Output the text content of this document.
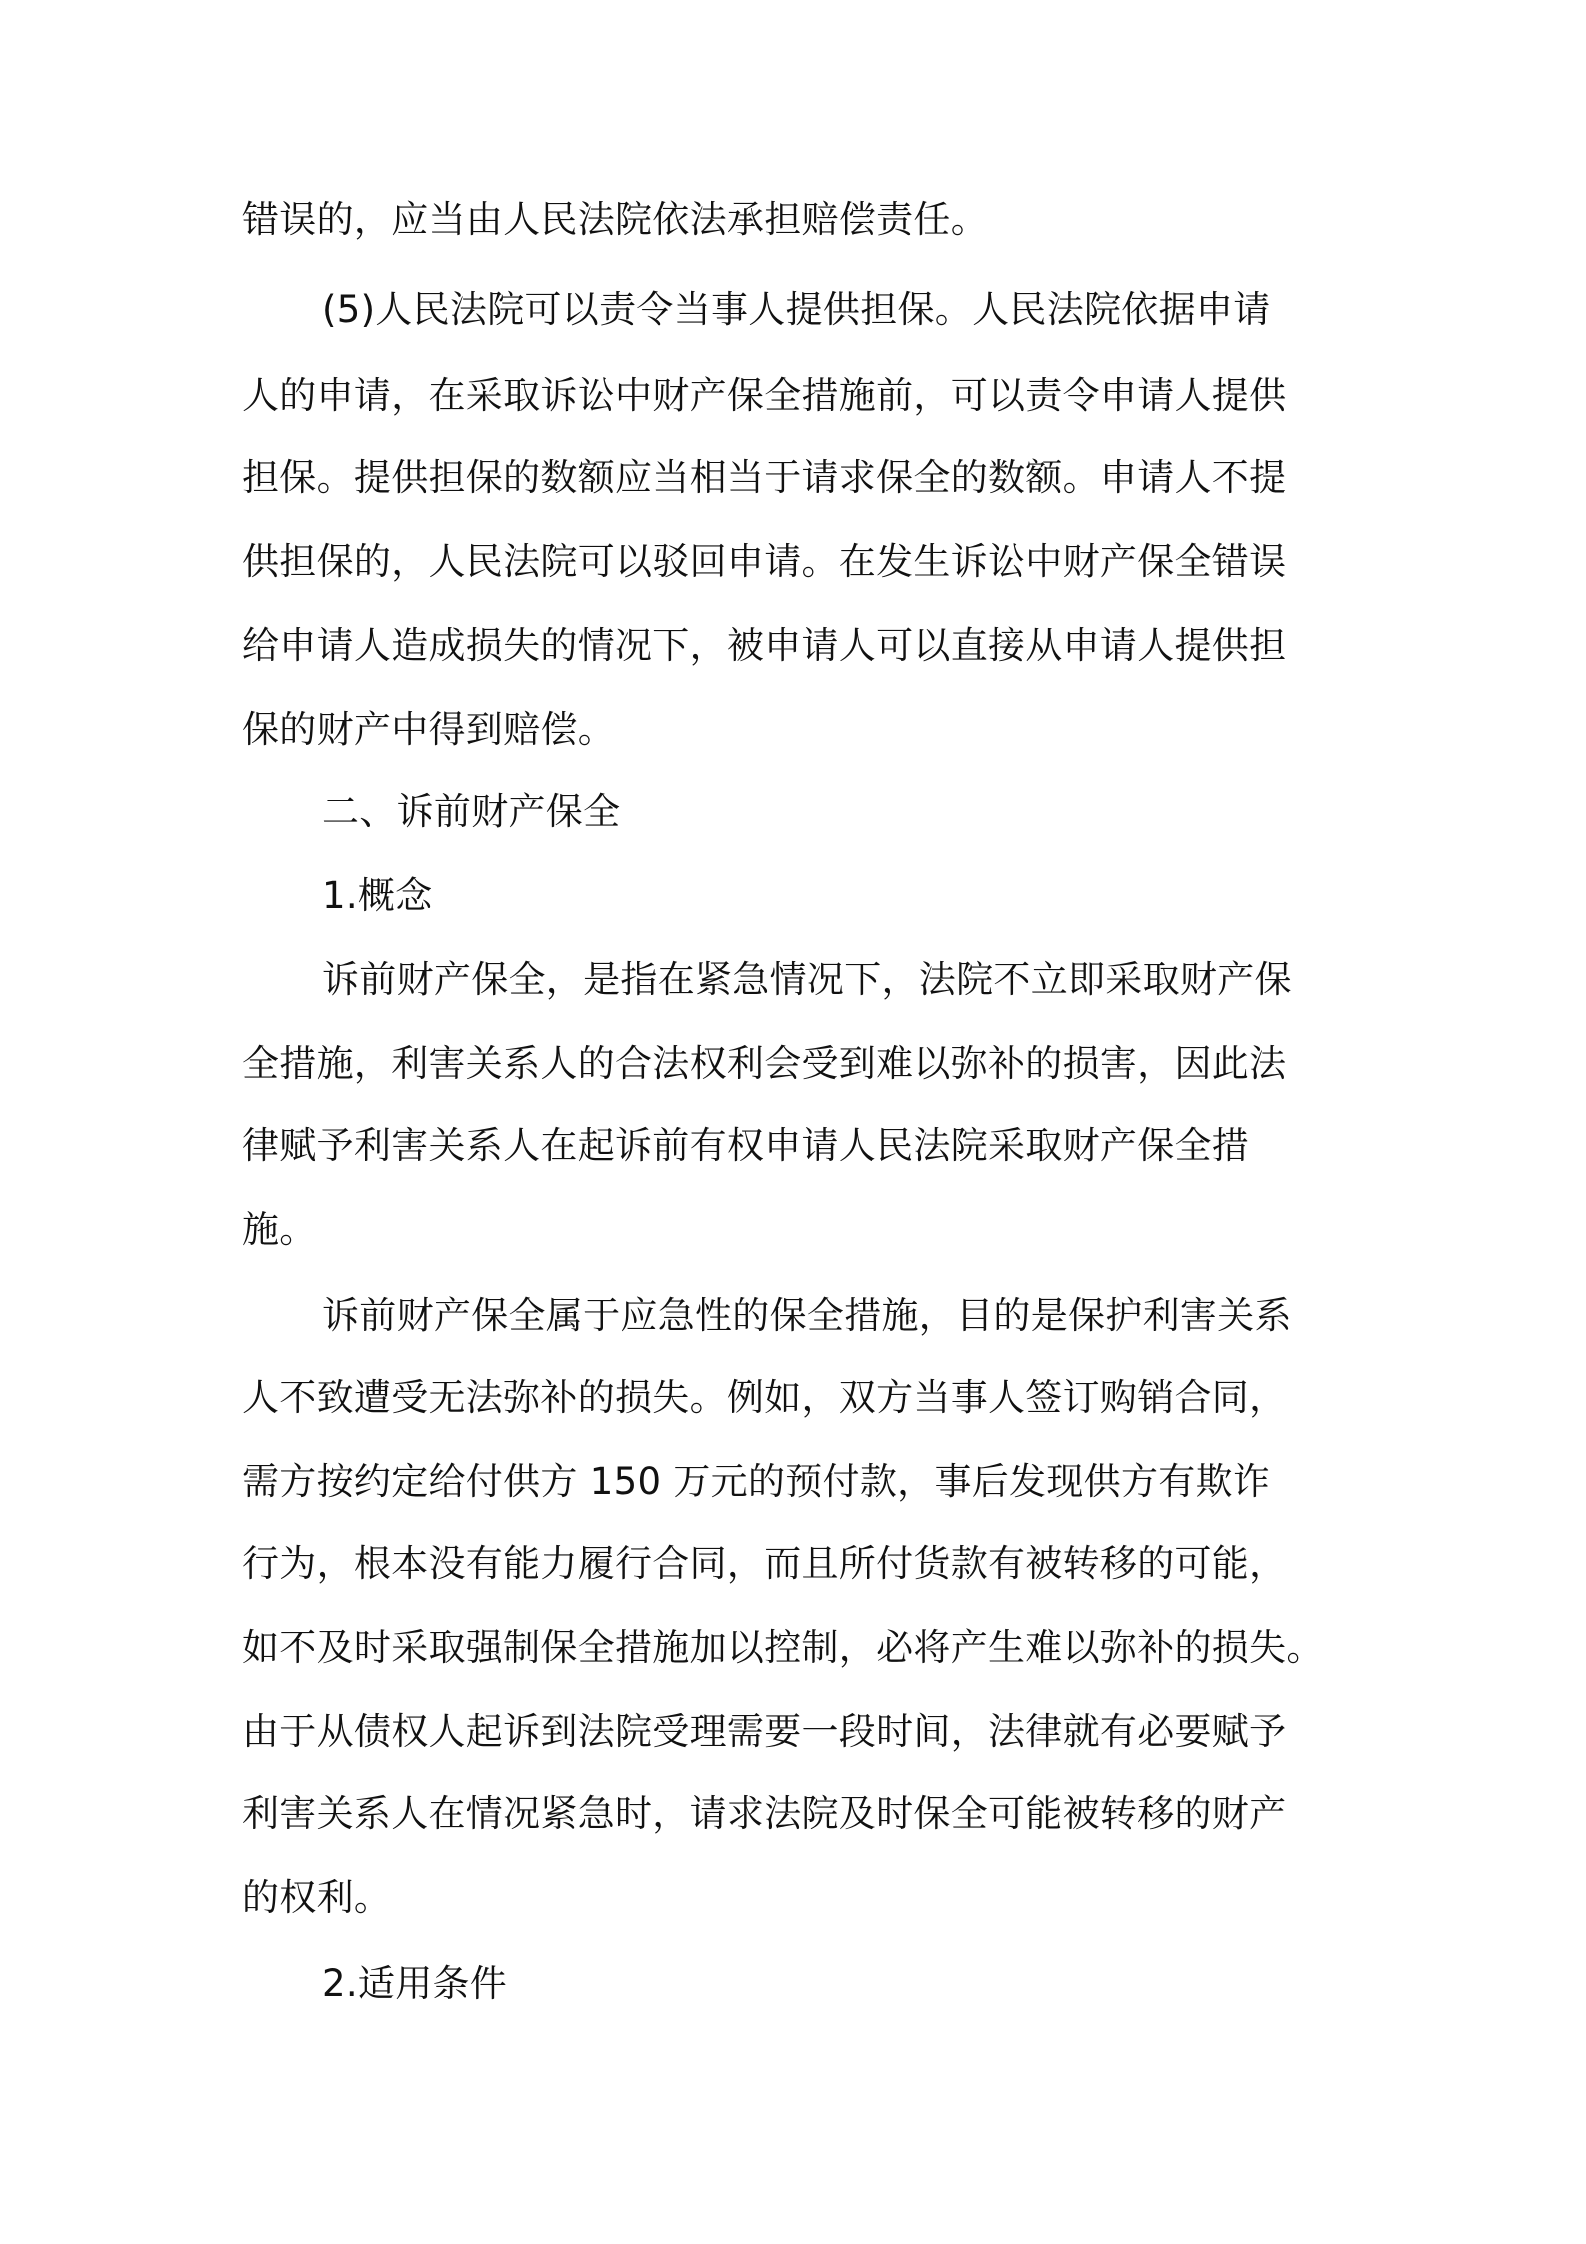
错误的，应当由人民法院依法承担赔偿责任。
(5)人民法院可以责令当事人提供担保。人民法院依据申请
人的申请，在采取诉讼中财产保全措施前，可以责令申请人提供
担保。提供担保的数额应当相当于请求保全的数额。申请人不提
供担保的，人民法院可以驳回申请。在发生诉讼中财产保全错误
给申请人造成损失的情况下，被申请人可以直接从申请人提供担
保的财产中得到赔偿。
二、诉前财产保全
1.概念
诉前财产保全，是指在紧急情况下，法院不立即采取财产保
全措施，利害关系人的合法权利会受到难以弥补的损害，因此法
律赋予利害关系人在起诉前有权申请人民法院采取财产保全措
施。
诉前财产保全属于应急性的保全措施，目的是保护利害关系
人不致遭受无法弥补的损失。例如，双方当事人签订购销合同，
需方按约定给付供方 150 万元的预付款，事后发现供方有欺诈
行为，根本没有能力履行合同，而且所付货款有被转移的可能，
如不及时采取强制保全措施加以控制，必将产生难以弥补的损失。
由于从债权人起诉到法院受理需要一段时间，法律就有必要赋予
利害关系人在情况紧急时，请求法院及时保全可能被转移的财产
的权利。
2.适用条件
